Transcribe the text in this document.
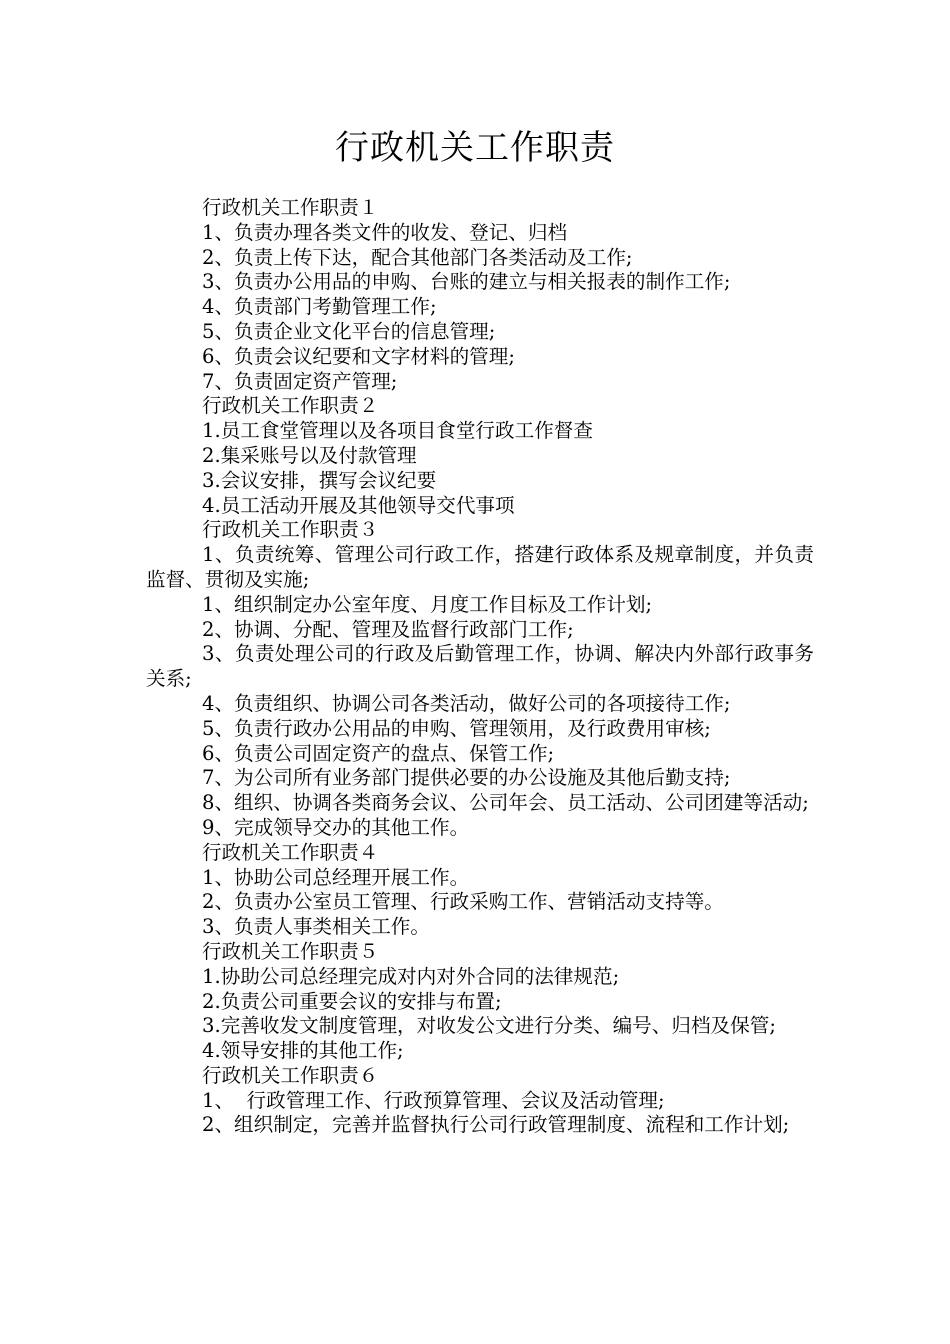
行政机关工作职责

行政机关工作职责１

1、负责办理各类文件的收发、登记、归档

2、负责上传下达，配合其他部门各类活动及工作;

3、负责办公用品的申购、台账的建立与相关报表的制作工作;

4、负责部门考勤管理工作;

5、负责企业文化平台的信息管理;

6、负责会议纪要和文字材料的管理;

7、负责固定资产管理;

行政机关工作职责２

1.员工食堂管理以及各项目食堂行政工作督查

2.集采账号以及付款管理

3.会议安排，撰写会议纪要

4.员工活动开展及其他领导交代事项

行政机关工作职责３

1、负责统筹、管理公司行政工作，搭建行政体系及规章制度，并负责监督、贯彻及实施;

1、组织制定办公室年度、月度工作目标及工作计划;

2、协调、分配、管理及监督行政部门工作;

3、负责处理公司的行政及后勤管理工作，协调、解决内外部行政事务关系;

4、负责组织、协调公司各类活动，做好公司的各项接待工作;

5、负责行政办公用品的申购、管理领用，及行政费用审核;

6、负责公司固定资产的盘点、保管工作;

7、为公司所有业务部门提供必要的办公设施及其他后勤支持;

8、组织、协调各类商务会议、公司年会、员工活动、公司团建等活动;

9、完成领导交办的其他工作。

行政机关工作职责４

1、协助公司总经理开展工作。

2、负责办公室员工管理、行政采购工作、营销活动支持等。

3、负责人事类相关工作。

行政机关工作职责５

1.协助公司总经理完成对内对外合同的法律规范;

2.负责公司重要会议的安排与布置;

3.完善收发文制度管理，对收发公文进行分类、编号、归档及保管;

4.领导安排的其他工作;

行政机关工作职责６

1、  行政管理工作、行政预算管理、会议及活动管理;

2、组织制定，完善并监督执行公司行政管理制度、流程和工作计划;
